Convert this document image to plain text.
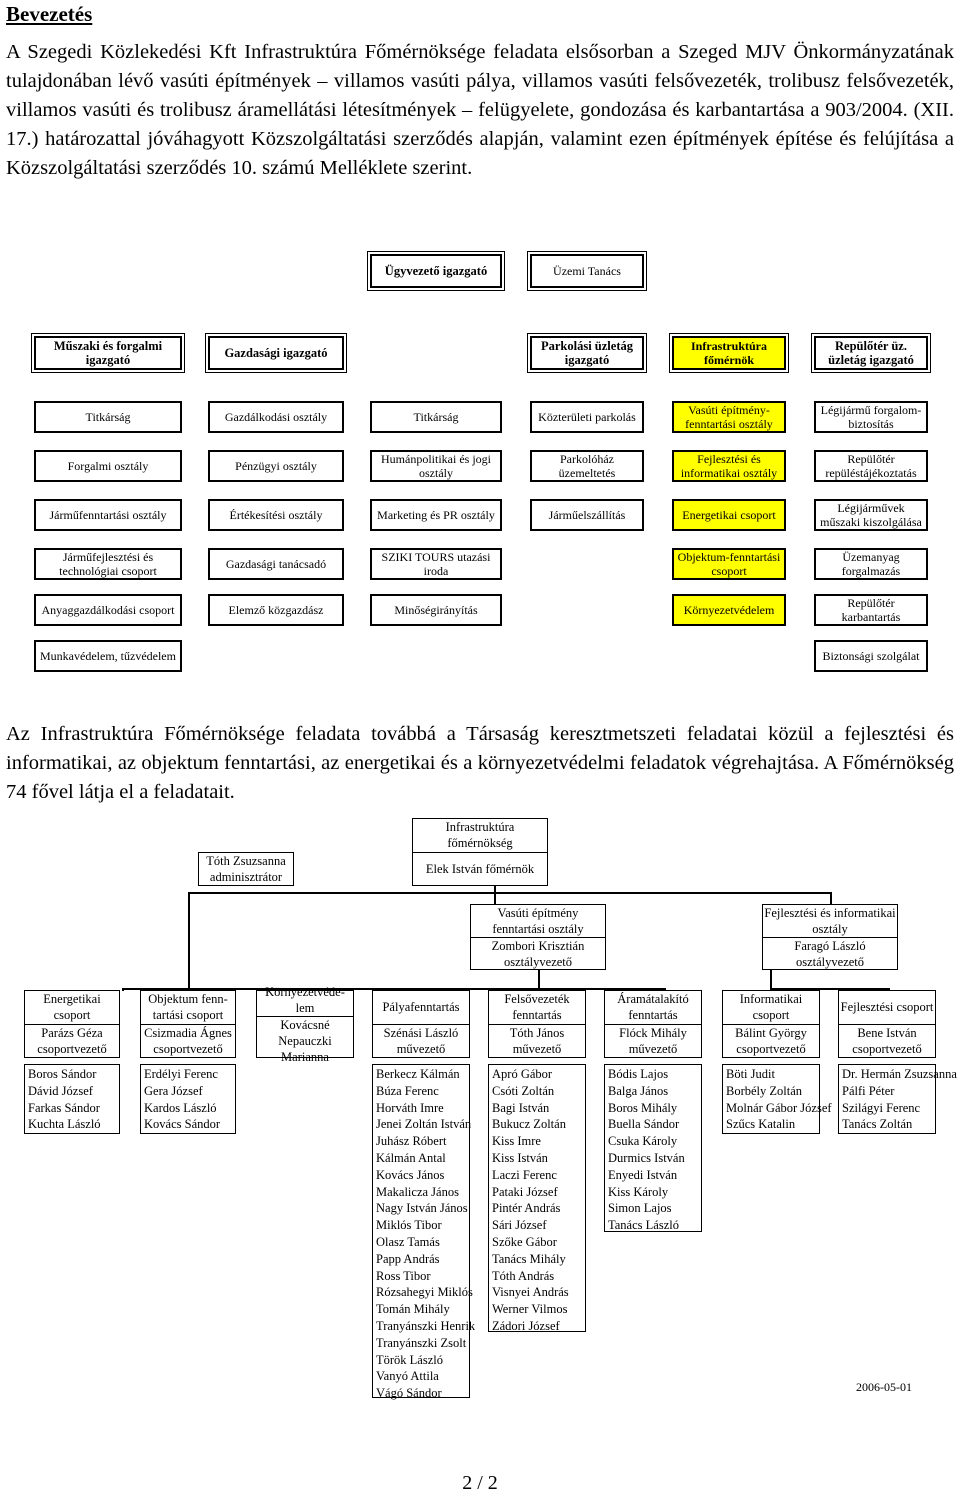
Bevezetés
A Szegedi Közlekedési Kft Infrastruktúra Főmérnöksége feladata elsősorban a Szeged MJV Önkormányzatának tulajdonában lévő vasúti építmények – villamos vasúti pálya, villamos vasúti felsővezeték, trolibusz felsővezeték, villamos vasúti és trolibusz áramellátási létesítmények – felügyelete, gondozása és karbantartása a 903/2004. (XII. 17.) határozattal jóváhagyott Közszolgáltatási szerződés alapján, valamint ezen építmények építése és felújítása a Közszolgáltatási szerződés 10. számú Melléklete szerint.
Ügyvezető igazgató	Üzemi Tanács
Műszaki és forgalmi igazgató	Gazdasági igazgató	Parkolási üzletág igazgató
Infrastruktúra főmérnök
Repülőtér üz. üzletág igazgató
Titkárság
Forgalmi osztály
Járműfenntartási osztály
Járműfejlesztési és technológiai csoport
Anyaggazdálkodási csoport
Munkavédelem, tűzvédelem
Gazdálkodási osztály
Pénzügyi osztály
Értékesítési osztály
Gazdasági tanácsadó
Elemző közgazdász
Titkárság
Humánpolitikai és jogi osztály
Marketing és PR osztály
SZIKI TOURS utazási iroda
Minőségirányítás
Közterületi parkolás
Parkolóház üzemeltetés
Járműelszállítás
Vasúti építmény-fenntartási osztály
Fejlesztési és informatikai osztály
Energetikai csoport
Objektum-fenntartási csoport
Környezetvédelem
Légijármű forgalom-biztosítás
Repülőtér repüléstájékoztatás
Légijárművek műszaki kiszolgálása
Üzemanyag forgalmazás
Repülőtér karbantartás
Biztonsági szolgálat
Az Infrastruktúra Főmérnöksége feladata továbbá a Társaság keresztmetszeti feladatai közül a fejlesztési és informatikai, az objektum fenntartási, az energetikai és a környezetvédelmi feladatok végrehajtása. A Főmérnökség 74 fővel látja el a feladatait.
Infrastruktúra főmérnökség
Elek István főmérnök
Tóth Zsuzsanna adminisztrátor
Vasúti építmény fenntartási osztály
Zombori Krisztián osztályvezető
Fejlesztési és informatikai osztály
Faragó László osztályvezető
Energetikai csoport
Parázs Géza csoportvezető
Objektum fenn-tartási csoport
Csizmadia Ágnes csoportvezető
Környezetvéde-lem
Kovácsné Nepauczki Marianna
Pályafenntartás
Szénási László művezető
Felsővezeték fenntartás
Tóth János művezető
Áramátalakító fenntartás
Flóck Mihály művezető
Informatikai csoport
Bálint György csoportvezető
Fejlesztési csoport
Bene István csoportvezető
Boros Sándor
Dávid József
Farkas Sándor
Kuchta László
Erdélyi Ferenc
Gera József
Kardos László
Kovács Sándor
Berkecz Kálmán
Búza Ferenc
Horváth Imre
Jenei Zoltán István
Juhász Róbert
Kálmán Antal
Kovács János
Makalicza János
Nagy István János
Miklós Tibor
Olasz Tamás
Papp András
Ross Tibor
Rózsahegyi Miklós
Tomán Mihály
Tranyánszki Henrik
Tranyánszki Zsolt
Török László
Vanyó Attila
Vágó Sándor
Apró Gábor
Csóti Zoltán
Bagi István
Bukucz Zoltán
Kiss Imre
Kiss István
Laczi Ferenc
Pataki József
Pintér András
Sári József
Szőke Gábor
Tanács Mihály
Tóth András
Visnyei András
Werner Vilmos
Zádori József
Bódis Lajos
Balga János
Boros Mihály
Buella Sándor
Csuka Károly
Durmics István
Enyedi István
Kiss Károly
Simon Lajos
Tanács László
Böti Judit
Borbély Zoltán
Molnár Gábor József
Szűcs Katalin
Dr. Hermán Zsuzsanna
Pálfi Péter
Szilágyi Ferenc
Tanács Zoltán
2006-05-01
2 / 2
